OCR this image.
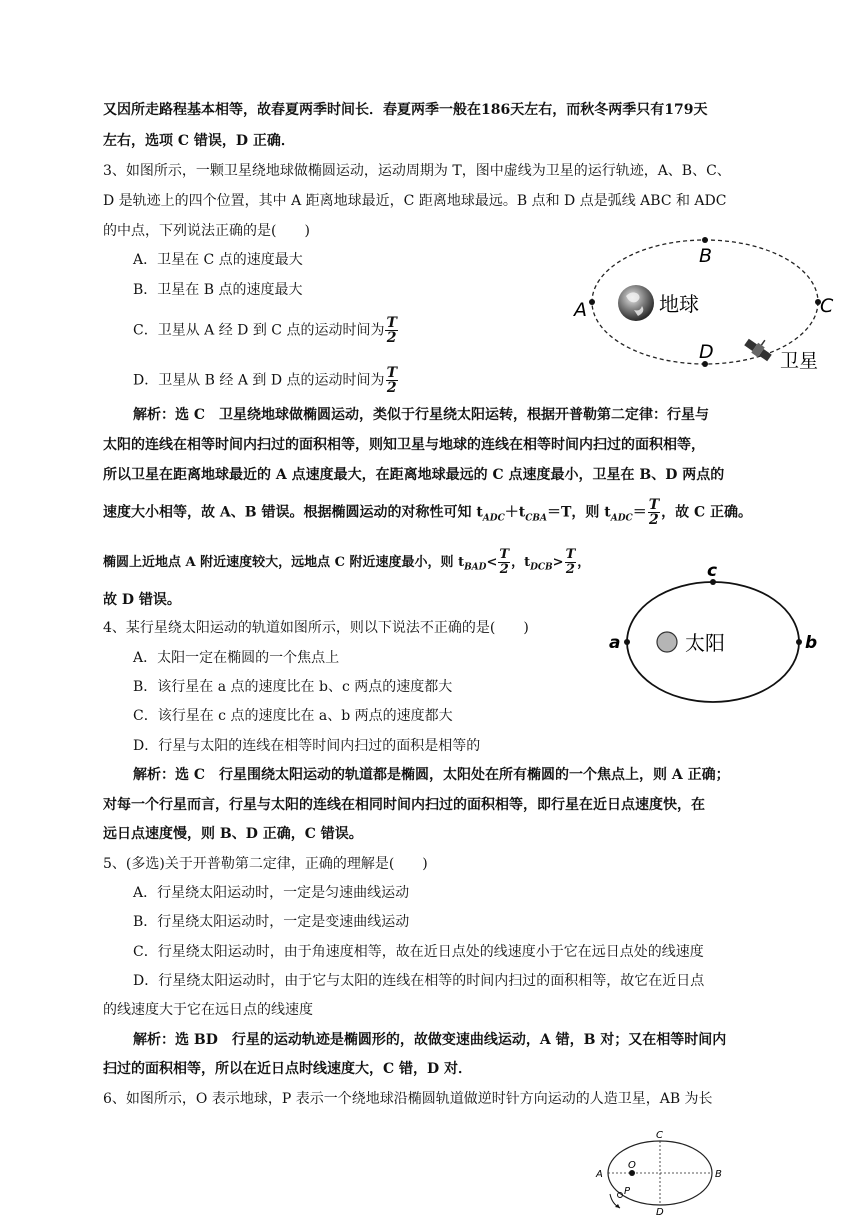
又因所走路程基本相等，故春夏两季时间长．春夏两季一般在186天左右，而秋冬两季只有179天
左右，选项 C 错误，D 正确．
3、如图所示，一颗卫星绕地球做椭圆运动，运动周期为 T，图中虚线为卫星的运行轨迹，A、B、C、
D 是轨迹上的四个位置，其中 A 距离地球最近，C 距离地球最远。B 点和 D 点是弧线 ABC 和 ADC
的中点，下列说法正确的是(　　)
A．卫星在 C 点的速度最大
B．卫星在 B 点的速度最大
C．卫星从 A 经 D 到 C 点的运动时间为 $\frac{T}{2}$
D．卫星从 B 经 A 到 D 点的运动时间为 $\frac{T}{2}$
A
B
C
D
地球
卫星
解析：选 C　卫星绕地球做椭圆运动，类似于行星绕太阳运转，根据开普勒第二定律：行星与
太阳的连线在相等时间内扫过的面积相等，则知卫星与地球的连线在相等时间内扫过的面积相等，
所以卫星在距离地球最近的 A 点速度最大，在距离地球最远的 C 点速度最小，卫星在 B、D 两点的
速度大小相等，故 A、B 错误。根据椭圆运动的对称性可知 $t_{ADC}+t_{CBA}=T$，则 $t_{ADC}= \frac{T}{2}$ ，故 C 正确。
椭圆上近地点 A 附近速度较大，远地点 C 附近速度最小，则 $t_{BAD}< \frac{T}{2}$ ，$t_{DCB}> \frac{T}{2}$ ，
故 D 错误。
4、某行星绕太阳运动的轨道如图所示，则以下说法不正确的是(　　)
A．太阳一定在椭圆的一个焦点上
B．该行星在 a 点的速度比在 b、c 两点的速度都大
C．该行星在 c 点的速度比在 a、b 两点的速度都大
D．行星与太阳的连线在相等时间内扫过的面积是相等的
a	b
c
太阳
解析：选 C　行星围绕太阳运动的轨道都是椭圆，太阳处在所有椭圆的一个焦点上，则 A 正确；
对每一个行星而言，行星与太阳的连线在相同时间内扫过的面积相等，即行星在近日点速度快，在
远日点速度慢，则 B、D 正确，C 错误。
5、(多选)关于开普勒第二定律，正确的理解是(　　)
A．行星绕太阳运动时，一定是匀速曲线运动
B．行星绕太阳运动时，一定是变速曲线运动
C．行星绕太阳运动时，由于角速度相等，故在近日点处的线速度小于它在远日点处的线速度
D．行星绕太阳运动时，由于它与太阳的连线在相等的时间内扫过的面积相等，故它在近日点
的线速度大于它在远日点的线速度
解析：选 BD　行星的运动轨迹是椭圆形的，故做变速曲线运动，A 错，B 对；又在相等时间内
扫过的面积相等，所以在近日点时线速度大，C 错，D 对．
6、如图所示，O 表示地球，P 表示一个绕地球沿椭圆轨道做逆时针方向运动的人造卫星，AB 为长
A	B
C
D
O
P
